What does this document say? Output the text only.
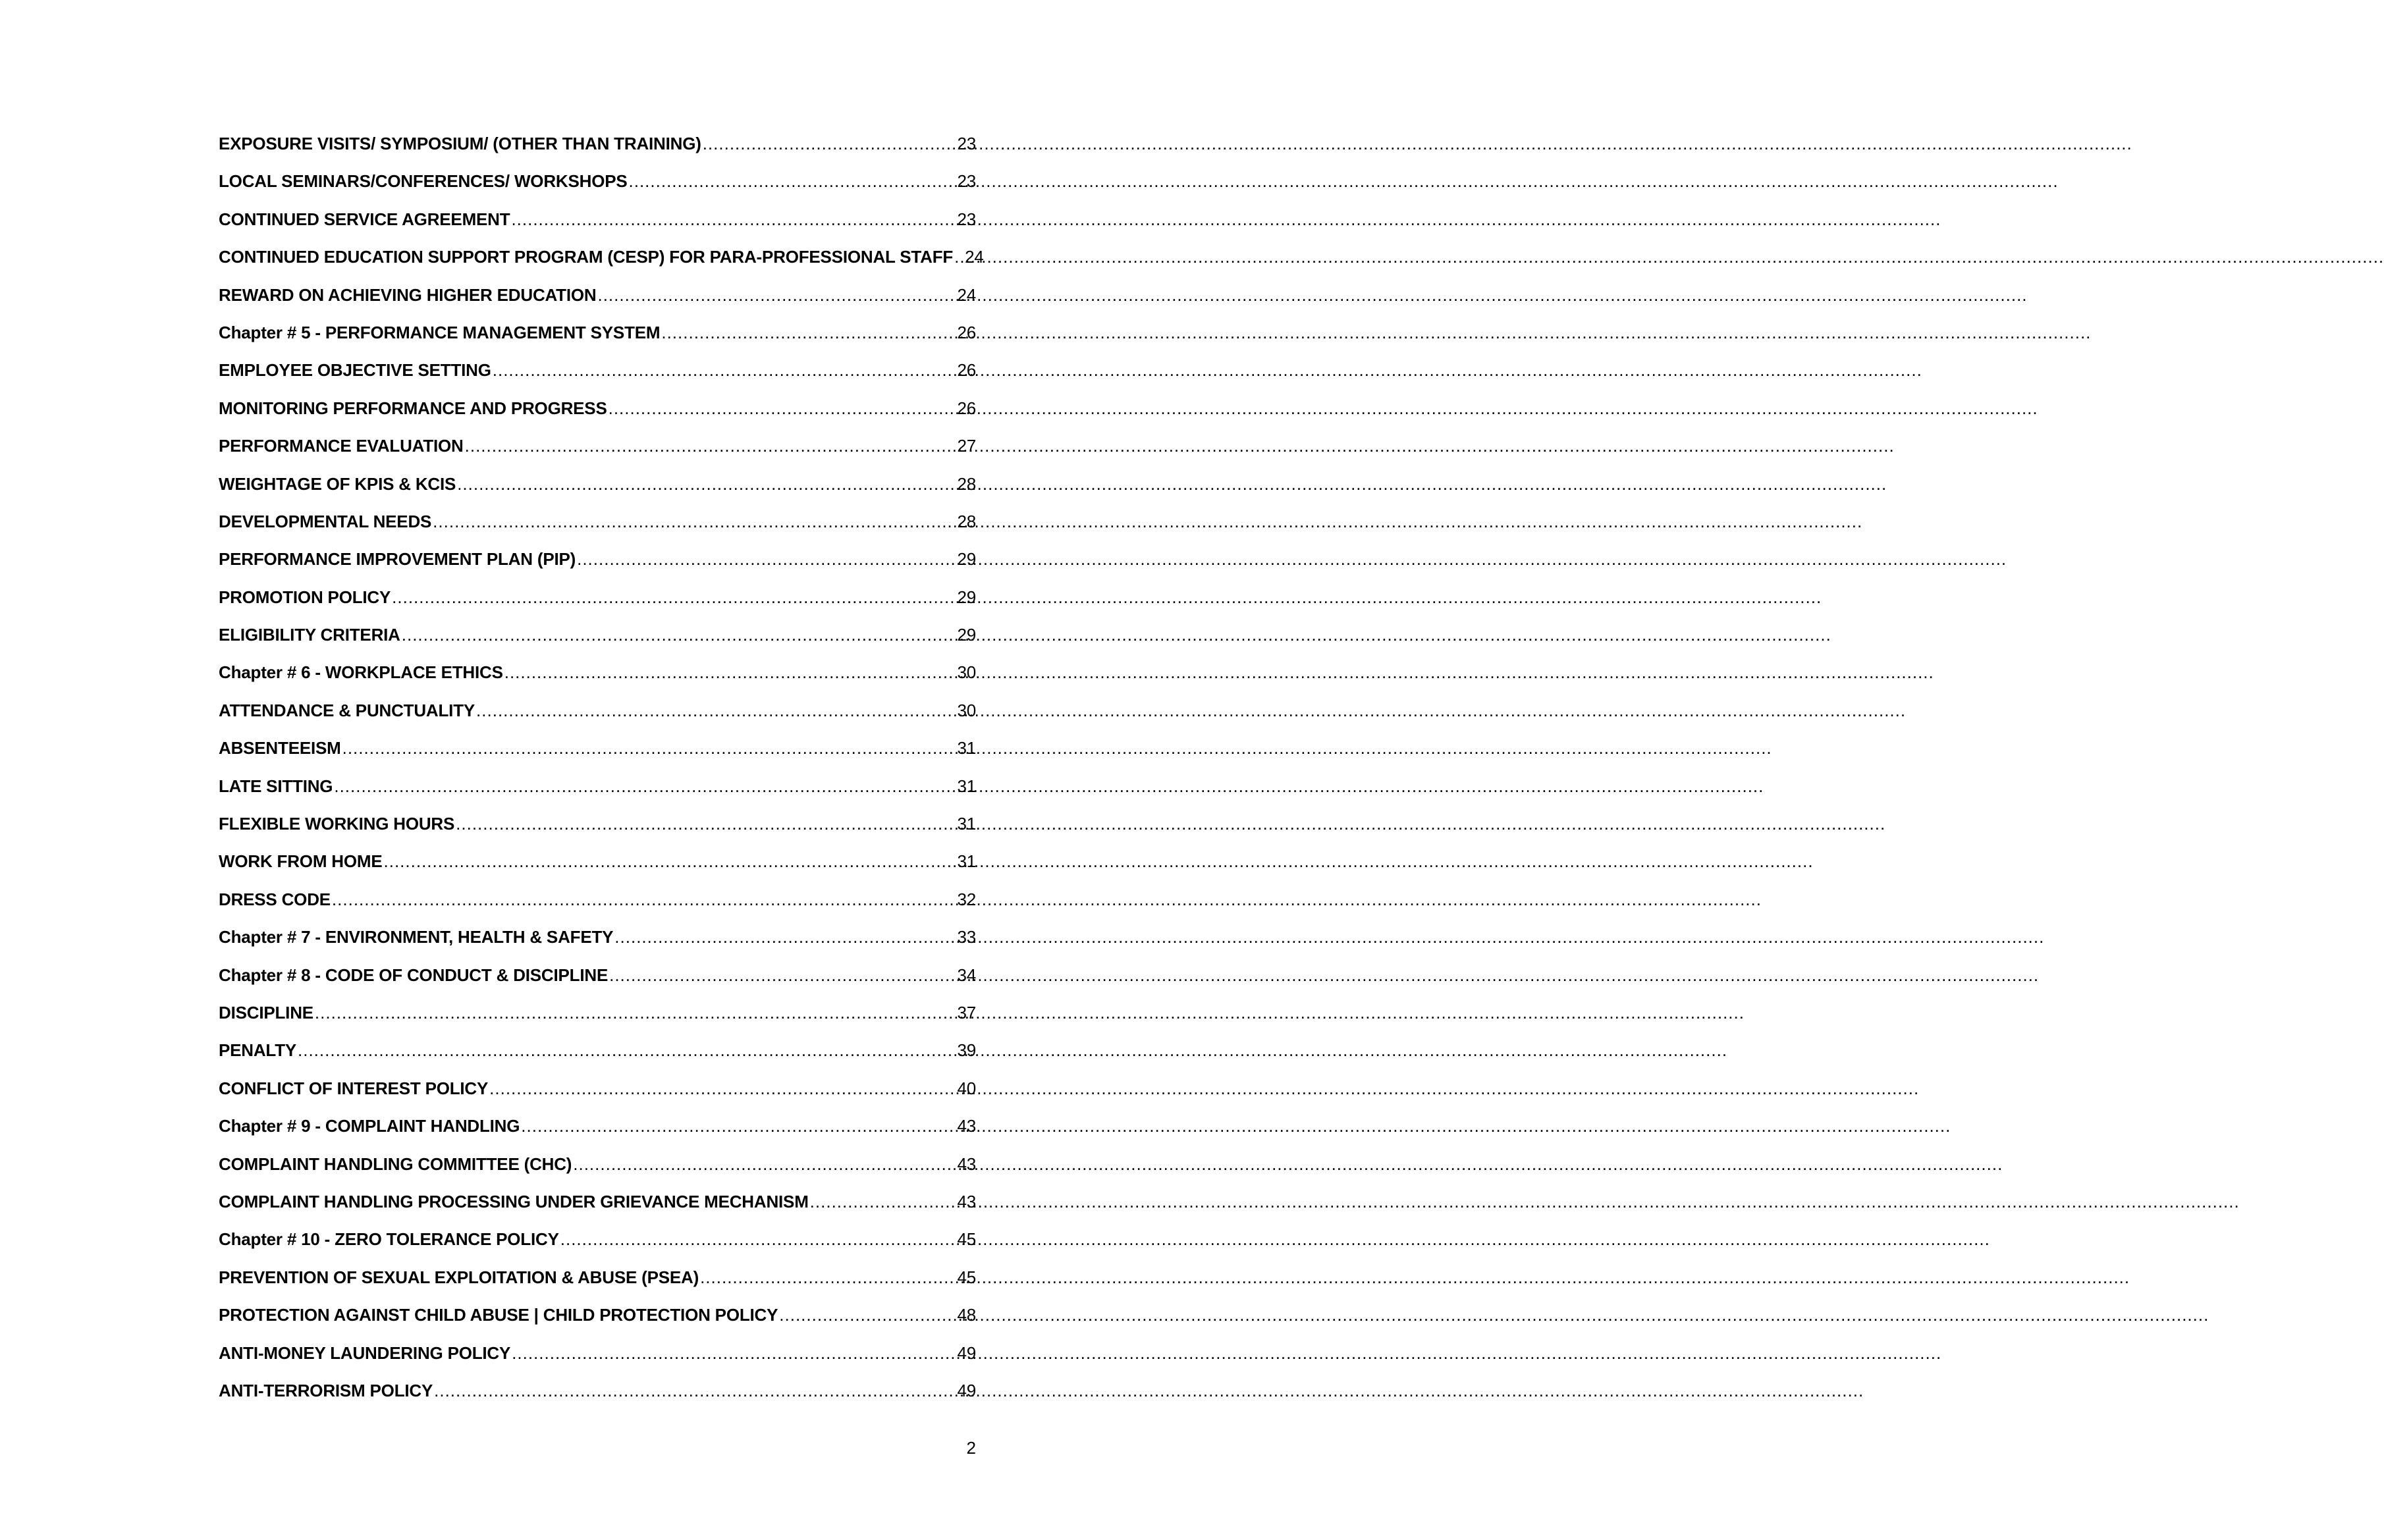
EXPOSURE VISITS/ SYMPOSIUM/ (OTHER THAN TRAINING) .....	23
LOCAL SEMINARS/CONFERENCES/ WORKSHOPS .....	23
CONTINUED SERVICE AGREEMENT .....	23
CONTINUED EDUCATION SUPPORT PROGRAM (CESP) FOR PARA-PROFESSIONAL STAFF ..... 24
REWARD ON ACHIEVING HIGHER EDUCATION .....	24
Chapter # 5 - PERFORMANCE MANAGEMENT SYSTEM .....	26
EMPLOYEE OBJECTIVE SETTING .....	26
MONITORING PERFORMANCE AND PROGRESS .....	26
PERFORMANCE EVALUATION .....	27
WEIGHTAGE OF KPIS & KCIS .....	28
DEVELOPMENTAL NEEDS .....	28
PERFORMANCE IMPROVEMENT PLAN (PIP) .....	29
PROMOTION POLICY .....	29
ELIGIBILITY CRITERIA .....	29
Chapter # 6 - WORKPLACE ETHICS .....	30
ATTENDANCE & PUNCTUALITY .....	30
ABSENTEEISM .....	31
LATE SITTING .....	31
FLEXIBLE WORKING HOURS .....	31
WORK FROM HOME .....	31
DRESS CODE .....	32
Chapter # 7 - ENVIRONMENT, HEALTH & SAFETY .....	33
Chapter # 8 - CODE OF CONDUCT & DISCIPLINE .....	34
DISCIPLINE .....	37
PENALTY .....	39
CONFLICT OF INTEREST POLICY .....	40
Chapter # 9 - COMPLAINT HANDLING .....	43
COMPLAINT HANDLING COMMITTEE (CHC) .....	43
COMPLAINT HANDLING PROCESSING UNDER GRIEVANCE MECHANISM .....	43
Chapter # 10 - ZERO TOLERANCE POLICY .....	45
PREVENTION OF SEXUAL EXPLOITATION & ABUSE (PSEA) .....	45
PROTECTION AGAINST CHILD ABUSE | CHILD PROTECTION POLICY .....	48
ANTI-MONEY LAUNDERING POLICY .....	49
ANTI-TERRORISM POLICY .....	49
2
